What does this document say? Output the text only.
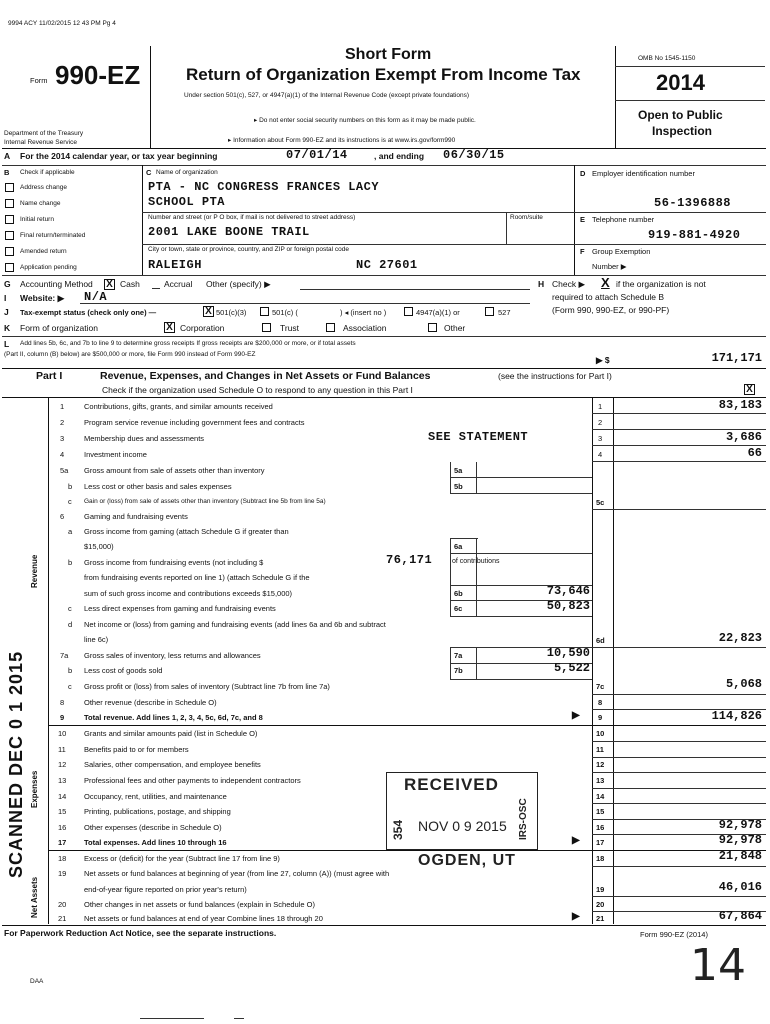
9994 ACY 11/02/2015 12 43 PM Pg 4
Form 990-EZ
Department of the Treasury
Internal Revenue Service
Short Form
Return of Organization Exempt From Income Tax
Under section 501(c), 527, or 4947(a)(1) of the Internal Revenue Code (except private foundations)
▸ Do not enter social security numbers on this form as it may be made public.
▸ Information about Form 990-EZ and its instructions is at www.irs.gov/form990
OMB No 1545-1150
2014
Open to Public
Inspection
A For the 2014 calendar year, or tax year beginning	07/01/14	, and ending 06/30/15
B Check if applicable
Address change
Name change
Initial return
Final return/terminated
Amended return
Application pending
C Name of organization
PTA - NC CONGRESS FRANCES LACY
SCHOOL PTA
Number and street (or P O box, if mail is not delivered to street address)	Room/suite
2001 LAKE BOONE TRAIL
City or town, state or province, country, and ZIP or foreign postal code
RALEIGH	NC 27601
D Employer identification number
56-1396888
E Telephone number
919-881-4920
F Group Exemption
Number ▶
G Accounting Method X Cash	Accrual Other (specify) ▶	H Check ▶ X if the organization is not
required to attach Schedule B
(Form 990, 990-EZ, or 990-PF)
I Website: ▶ N/A
J Tax-exempt status (check only one) —	X 501(c)(3)	501(c) (	) ◂ (insert no )	4947(a)(1) or	527
K Form of organization	X Corporation	Trust	Association	Other
L Add lines 5b, 6c, and 7b to line 9 to determine gross receipts If gross receipts are $200,000 or more, or if total assets
(Part II, column (B) below) are $500,000 or more, file Form 990 instead of Form 990-EZ
▶ $	171,171
Part I	Revenue, Expenses, and Changes in Net Assets or Fund Balances	(see the instructions for Part I)
Check if the organization used Schedule O to respond to any question in this Part I	X
Revenue
Expenses
Net Assets
1	Contributions, gifts, grants, and similar amounts received	1	83,183
2	Program service revenue including government fees and contracts	2
3	Membership dues and assessments	SEE STATEMENT	3	3,686
4	Investment income	4	66
5a Gross amount from sale of assets other than inventory	5a
b Less cost or other basis and sales expenses	5b
c Gain or (loss) from sale of assets other than inventory (Subtract line 5b from line 5a)	5c
6	Gaming and fundraising events
a Gross income from gaming (attach Schedule G if greater than
$15,000)	6a
b Gross income from fundraising events (not including $	76,171	of contributions
from fundraising events reported on line 1) (attach Schedule G if the
sum of such gross income and contributions exceeds $15,000)	6b	73,646
c Less direct expenses from gaming and fundraising events	6c	50,823
d Net income or (loss) from gaming and fundraising events (add lines 6a and 6b and subtract
line 6c)	6d	22,823
7a Gross sales of inventory, less returns and allowances	7a	10,590
b Less cost of goods sold	7b	5,522
c Gross profit or (loss) from sales of inventory (Subtract line 7b from line 7a)	7c	5,068
8	Other revenue (describe in Schedule O)	8
9	Total revenue. Add lines 1, 2, 3, 4, 5c, 6d, 7c, and 8	▶ 9	114,826
10 Grants and similar amounts paid (list in Schedule O)	10
11 Benefits paid to or for members	11
12 Salaries, other compensation, and employee benefits	12
13 Professional fees and other payments to independent contractors	13
14 Occupancy, rent, utilities, and maintenance	14
15 Printing, publications, postage, and shipping	15
16 Other expenses (describe in Schedule O)	16	92,978
17 Total expenses. Add lines 10 through 16	▶ 17	92,978
18 Excess or (deficit) for the year (Subtract line 17 from line 9)	18	21,848
19 Net assets or fund balances at beginning of year (from line 27, column (A)) (must agree with
end-of-year figure reported on prior year's return)	19	46,016
20 Other changes in net assets or fund balances (explain in Schedule O)	20
21 Net assets or fund balances at end of year Combine lines 18 through 20	▶ 21	67,864
For Paperwork Reduction Act Notice, see the separate instructions.	Form 990-EZ (2014)
DAA
SCANNED DEC 0 1 2015	RECEIVED
NOV 0 9 2015
354	IRS-OSC
OGDEN, UT
14
